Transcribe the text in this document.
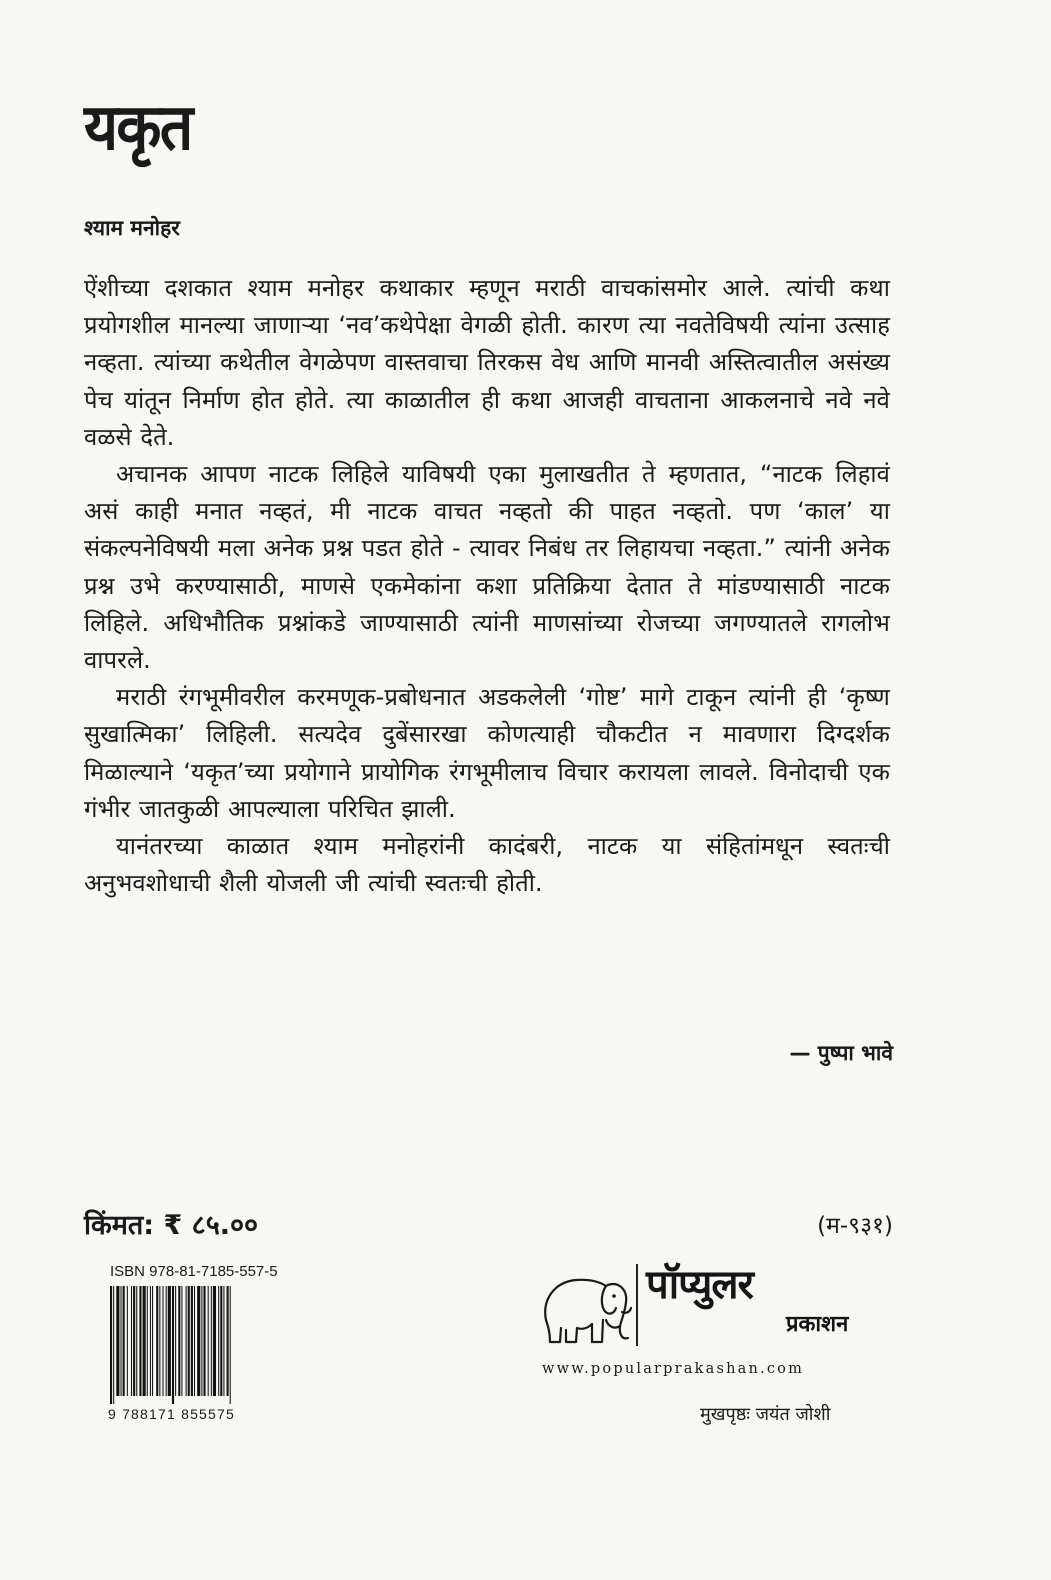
यकृत
श्याम मनोहर

ऐंशीच्या दशकात श्याम मनोहर कथाकार म्हणून मराठी वाचकांसमोर आले. त्यांची कथा प्रयोगशील मानल्या जाणाऱ्या ‘नव’कथेपेक्षा वेगळी होती. कारण त्या नवतेविषयी त्यांना उत्साह नव्हता. त्यांच्या कथेतील वेगळेपण वास्तवाचा तिरकस वेध आणि मानवी अस्तित्वातील असंख्य पेच यांतून निर्माण होत होते. त्या काळातील ही कथा आजही वाचताना आकलनाचे नवे नवे वळसे देते.

अचानक आपण नाटक लिहिले याविषयी एका मुलाखतीत ते म्हणतात, “नाटक लिहावं असं काही मनात नव्हतं, मी नाटक वाचत नव्हतो की पाहत नव्हतो. पण ‘काल’ या संकल्पनेविषयी मला अनेक प्रश्न पडत होते - त्यावर निबंध तर लिहायचा नव्हता.” त्यांनी अनेक प्रश्न उभे करण्यासाठी, माणसे एकमेकांना कशा प्रतिक्रिया देतात ते मांडण्यासाठी नाटक लिहिले. अधिभौतिक प्रश्नांकडे जाण्यासाठी त्यांनी माणसांच्या रोजच्या जगण्यातले रागलोभ वापरले.

मराठी रंगभूमीवरील करमणूक-प्रबोधनात अडकलेली ‘गोष्ट’ मागे टाकून त्यांनी ही ‘कृष्ण सुखात्मिका’ लिहिली. सत्यदेव दुबेंसारखा कोणत्याही चौकटीत न मावणारा दिग्दर्शक मिळाल्याने ‘यकृत’च्या प्रयोगाने प्रायोगिक रंगभूमीलाच विचार करायला लावले. विनोदाची एक गंभीर जातकुळी आपल्याला परिचित झाली.

यानंतरच्या काळात श्याम मनोहरांनी कादंबरी, नाटक या संहितांमधून स्वतःची अनुभवशोधाची शैली योजली जी त्यांची स्वतःची होती.

— पुष्पा भावे
किंमत: ₹ ८५.००	(म-९३१)
ISBN 978-81-7185-557-5
9 788171 855575
पॉप्युलर
प्रकाशन
www.popularprakashan.com
मुखपृष्ठः जयंत जोशी
